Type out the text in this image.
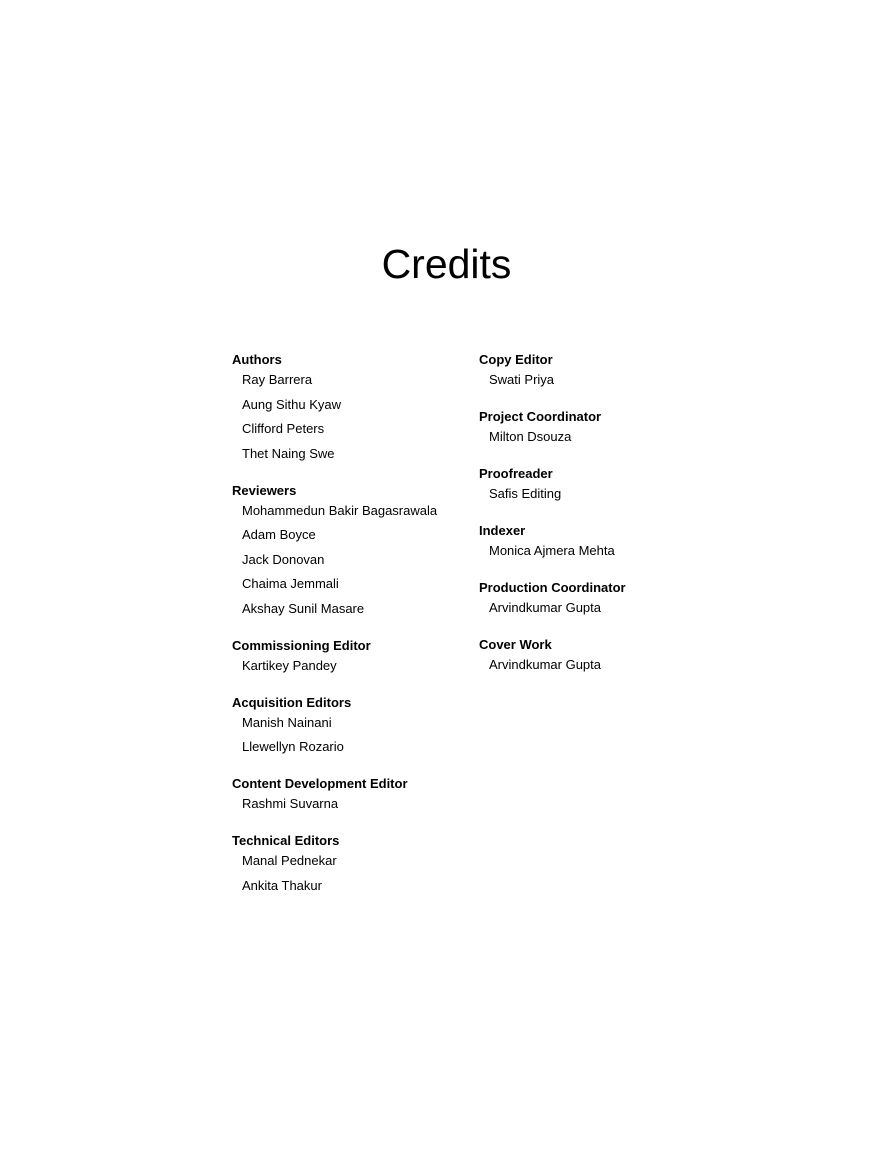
Credits
Authors
Ray Barrera
Aung Sithu Kyaw
Clifford Peters
Thet Naing Swe
Reviewers
Mohammedun Bakir Bagasrawala
Adam Boyce
Jack Donovan
Chaima Jemmali
Akshay Sunil Masare
Commissioning Editor
Kartikey Pandey
Acquisition Editors
Manish Nainani
Llewellyn Rozario
Content Development Editor
Rashmi Suvarna
Technical Editors
Manal Pednekar
Ankita Thakur
Copy Editor
Swati Priya
Project Coordinator
Milton Dsouza
Proofreader
Safis Editing
Indexer
Monica Ajmera Mehta
Production Coordinator
Arvindkumar Gupta
Cover Work
Arvindkumar Gupta
